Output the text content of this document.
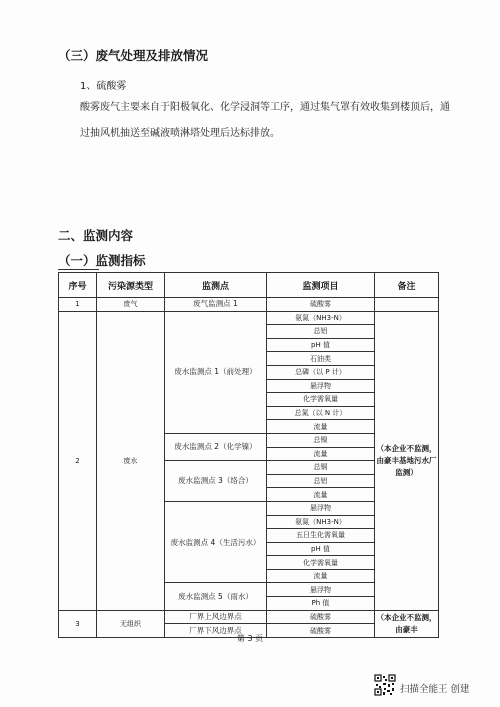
（三）废气处理及排放情况
1、硫酸雾
酸雾废气主要来自于阳极氧化、化学浸洞等工序，通过集气罩有效收集到楼顶后，通过抽风机抽送至碱液喷淋塔处理后达标排放。
二、监测内容
（一）监测指标
序号	污染源类型	监测点	监测项目	备注
1	废气	废气监测点 1	硫酸雾	
2	废水	废水监测点 1（前处理）	氨氮（NH3-N）	（本企业不监测，由豪丰基地污水厂监测）
			总铝	
			pH 值	
			石油类	
			总磷（以 P 计）	
			悬浮物	
			化学需氧量	
			总氮（以 N 计）	
			流量	
		废水监测点 2（化学镍）	总镍	
			流量	
		废水监测点 3（络合）	总铜	
			总铝	
			流量	
		废水监测点 4（生活污水）	悬浮物	
			氨氮（NH3-N）	
			五日生化需氧量	
			pH 值	
			化学需氧量	
			流量	
		废水监测点 5（雨水）	悬浮物	
			Ph 值	
3	无组织	厂界上风边界点	硫酸雾	（本企业不监测，由豪丰
		厂界下风边界点	硫酸雾	
第 3 页
扫描全能王 创建
